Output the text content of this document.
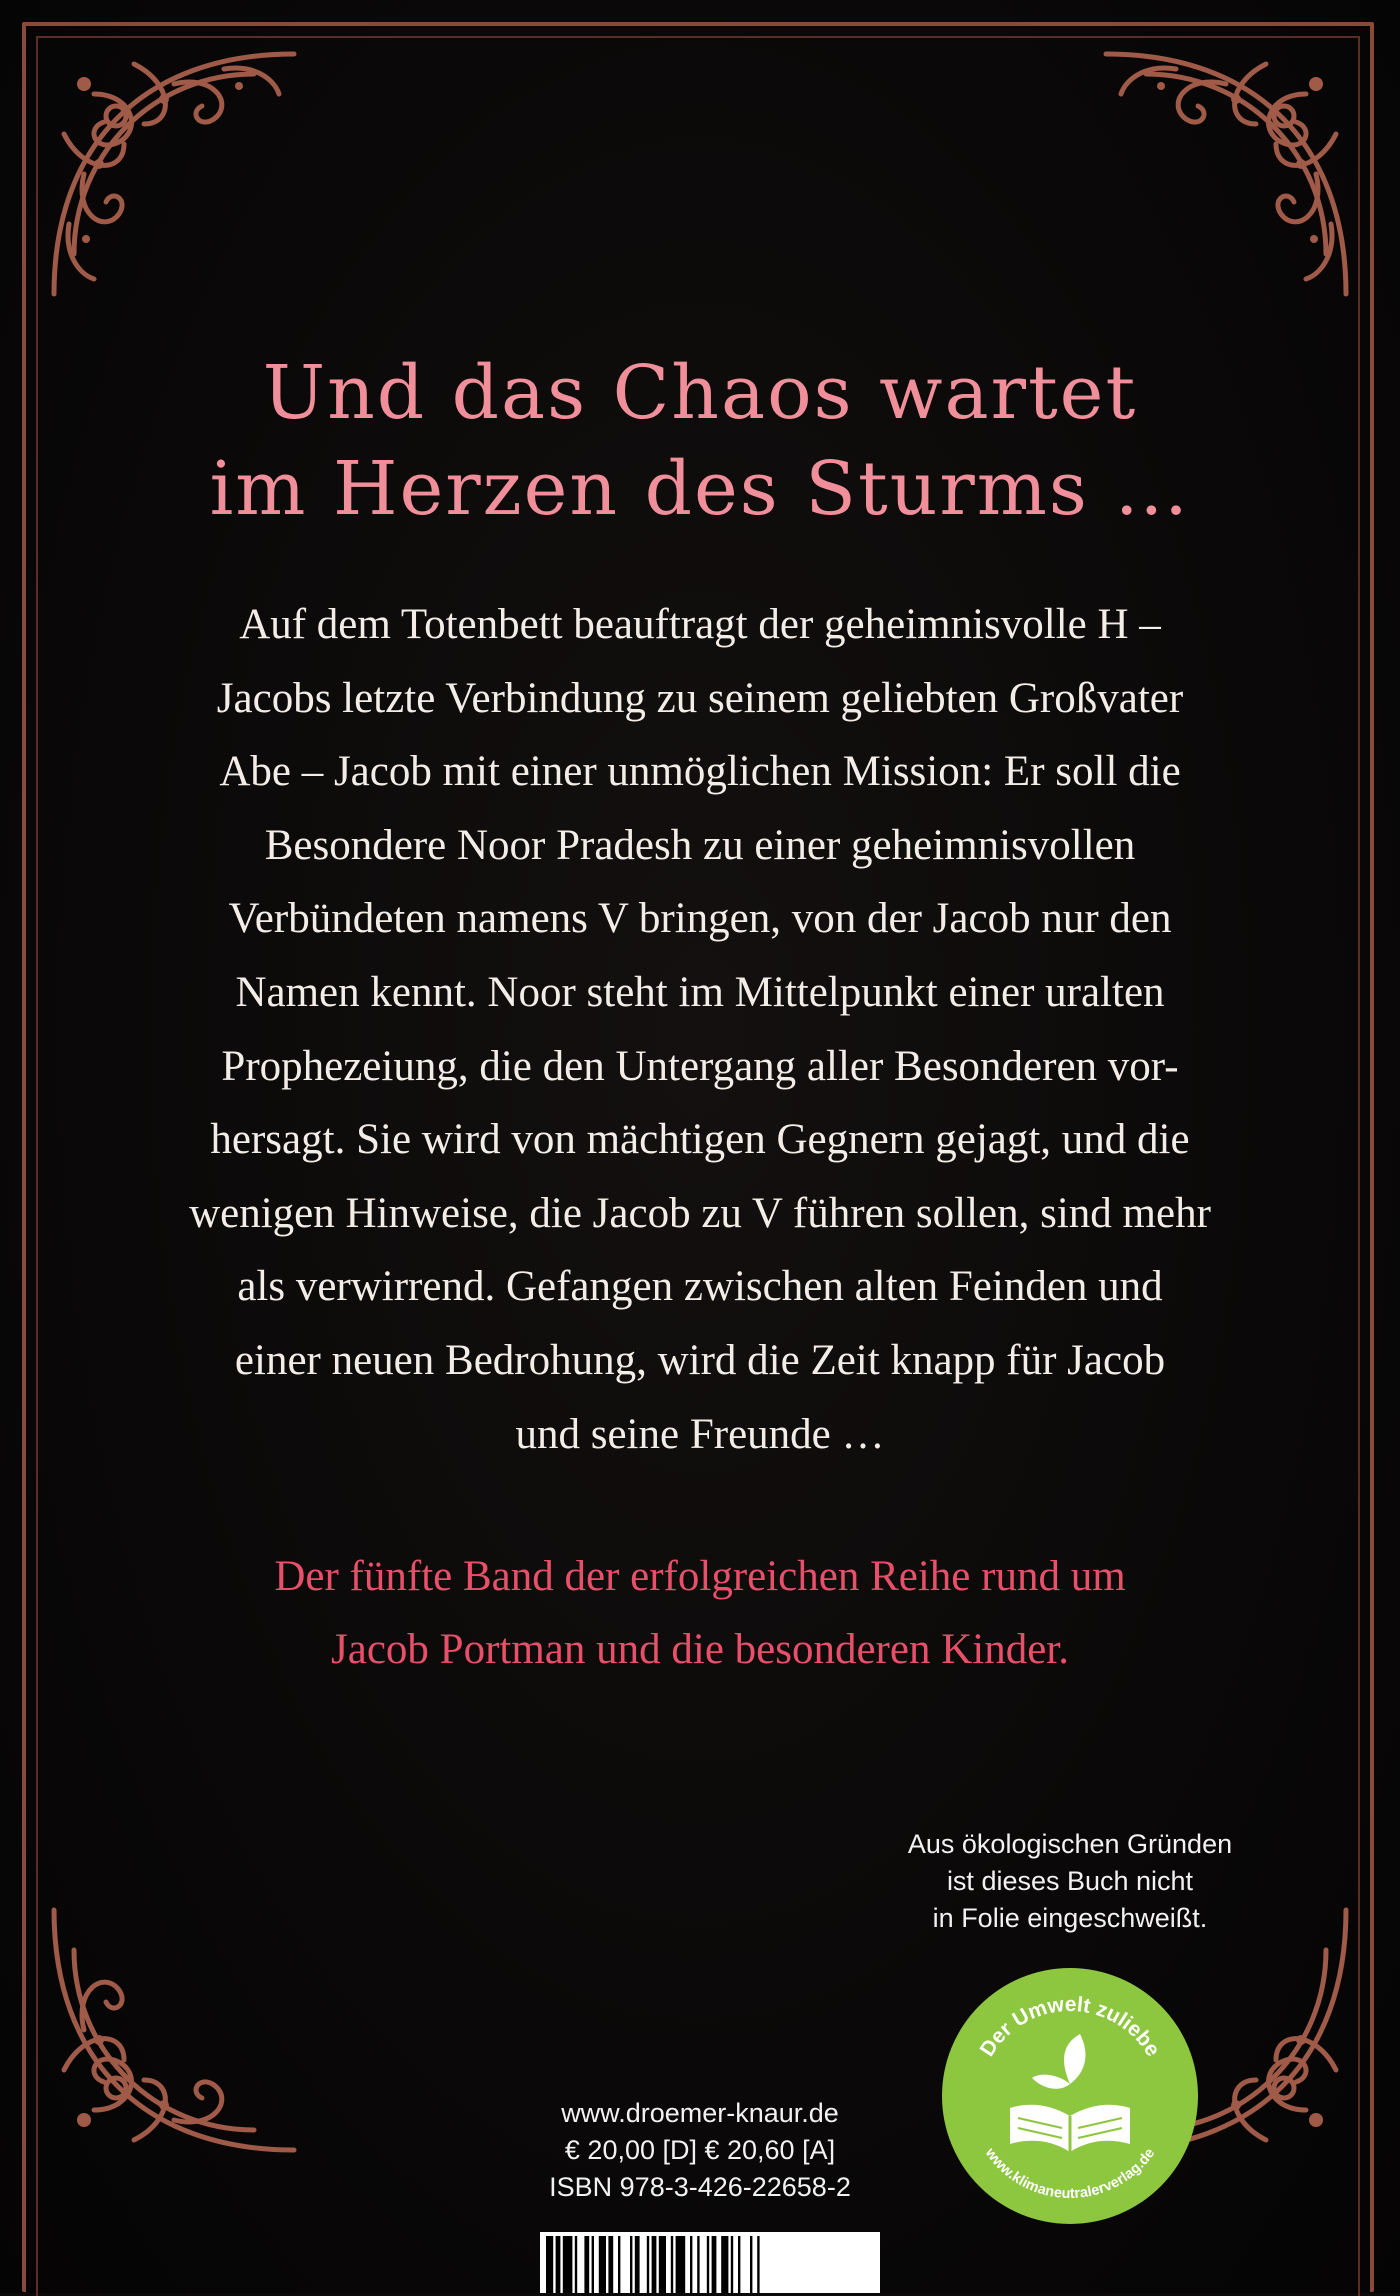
Und das Chaos wartet
im Herzen des Sturms …
Auf dem Totenbett beauftragt der geheimnisvolle H –
Jacobs letzte Verbindung zu seinem geliebten Großvater
Abe – Jacob mit einer unmöglichen Mission: Er soll die
Besondere Noor Pradesh zu einer geheimnisvollen
Verbündeten namens V bringen, von der Jacob nur den
Namen kennt. Noor steht im Mittelpunkt einer uralten
Prophezeiung, die den Untergang aller Besonderen vor-
hersagt. Sie wird von mächtigen Gegnern gejagt, und die
wenigen Hinweise, die Jacob zu V führen sollen, sind mehr
als verwirrend. Gefangen zwischen alten Feinden und
einer neuen Bedrohung, wird die Zeit knapp für Jacob
und seine Freunde …
Der fünfte Band der erfolgreichen Reihe rund um
Jacob Portman und die besonderen Kinder.
Aus ökologischen Gründen
ist dieses Buch nicht
in Folie eingeschweißt.
Der Umwelt zuliebe
www.klimaneutralerverlag.de
www.droemer-knaur.de
€ 20,00 [D] € 20,60 [A]
ISBN 978-3-426-22658-2
